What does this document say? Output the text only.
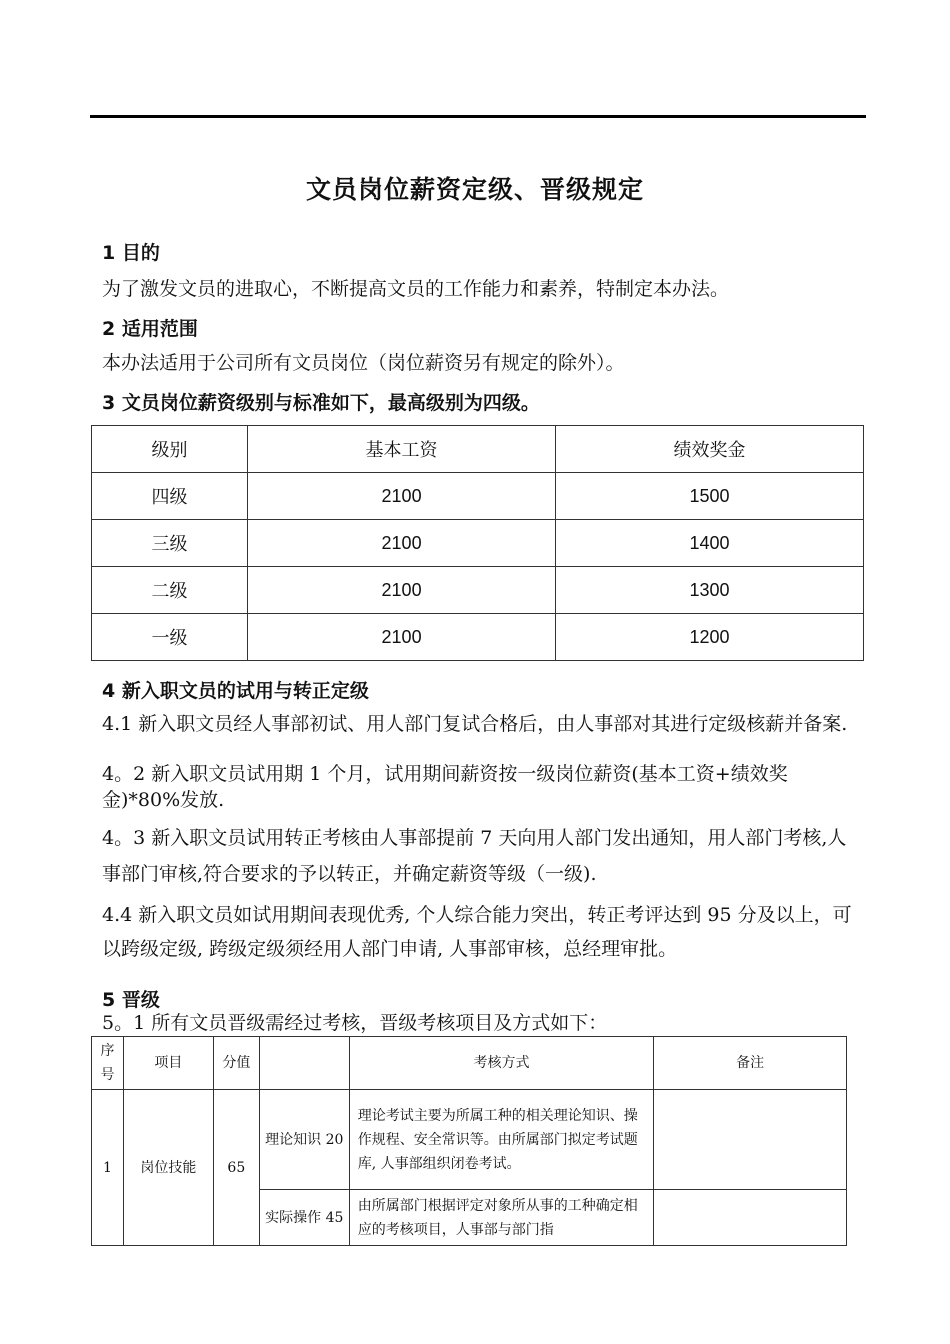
文员岗位薪资定级、晋级规定
1 目的
为了激发文员的进取心，不断提高文员的工作能力和素养，特制定本办法。
2 适用范围
本办法适用于公司所有文员岗位（岗位薪资另有规定的除外）。
3 文员岗位薪资级别与标准如下，最高级别为四级。
级别	基本工资	绩效奖金
四级	2100	1500
三级	2100	1400
二级	2100	1300
一级	2100	1200
4 新入职文员的试用与转正定级
4.1 新入职文员经人事部初试、用人部门复试合格后，由人事部对其进行定级核薪并备案.
4。2 新入职文员试用期 1 个月，试用期间薪资按一级岗位薪资(基本工资+绩效奖金)*80%发放.
4。3 新入职文员试用转正考核由人事部提前 7 天向用人部门发出通知，用人部门考核,人事部门审核,符合要求的予以转正，并确定薪资等级（一级).
4.4 新入职文员如试用期间表现优秀, 个人综合能力突出，转正考评达到 95 分及以上，可以跨级定级, 跨级定级须经用人部门申请, 人事部审核，总经理审批。
5 晋级
5。1 所有文员晋级需经过考核，晋级考核项目及方式如下：
序号	项目	分值		考核方式	备注
1	岗位技能	65	理论知识 20	理论考试主要为所属工种的相关理论知识、操作规程、安全常识等。由所属部门拟定考试题库, 人事部组织闭卷考试。	
			实际操作 45	由所属部门根据评定对象所从事的工种确定相应的考核项目，人事部与部门指	
